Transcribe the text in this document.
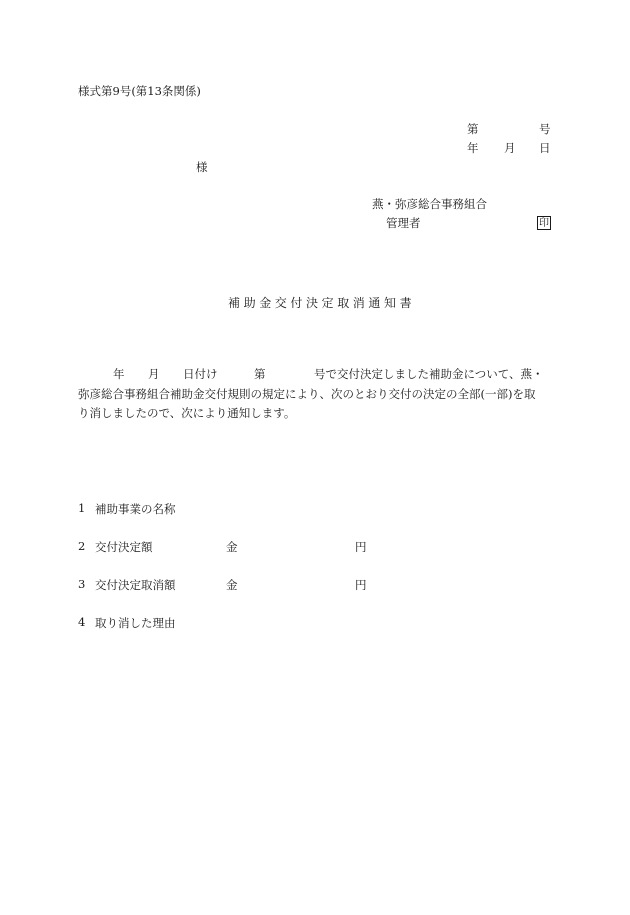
様式第9号(第13条関係)
第	号
年 月 日
様
燕・弥彦総合事務組合
管理者	印
補助金交付決定取消通知書
年 月 日付け	第	号で交付決定しました補助金について、燕・
弥彦総合事務組合補助金交付規則の規定により、次のとおり交付の決定の全部(一部)を取
り消しましたので、次により通知します。
1 補助事業の名称
2 交付決定額	金	円
3 交付決定取消額	金	円
4 取り消した理由
